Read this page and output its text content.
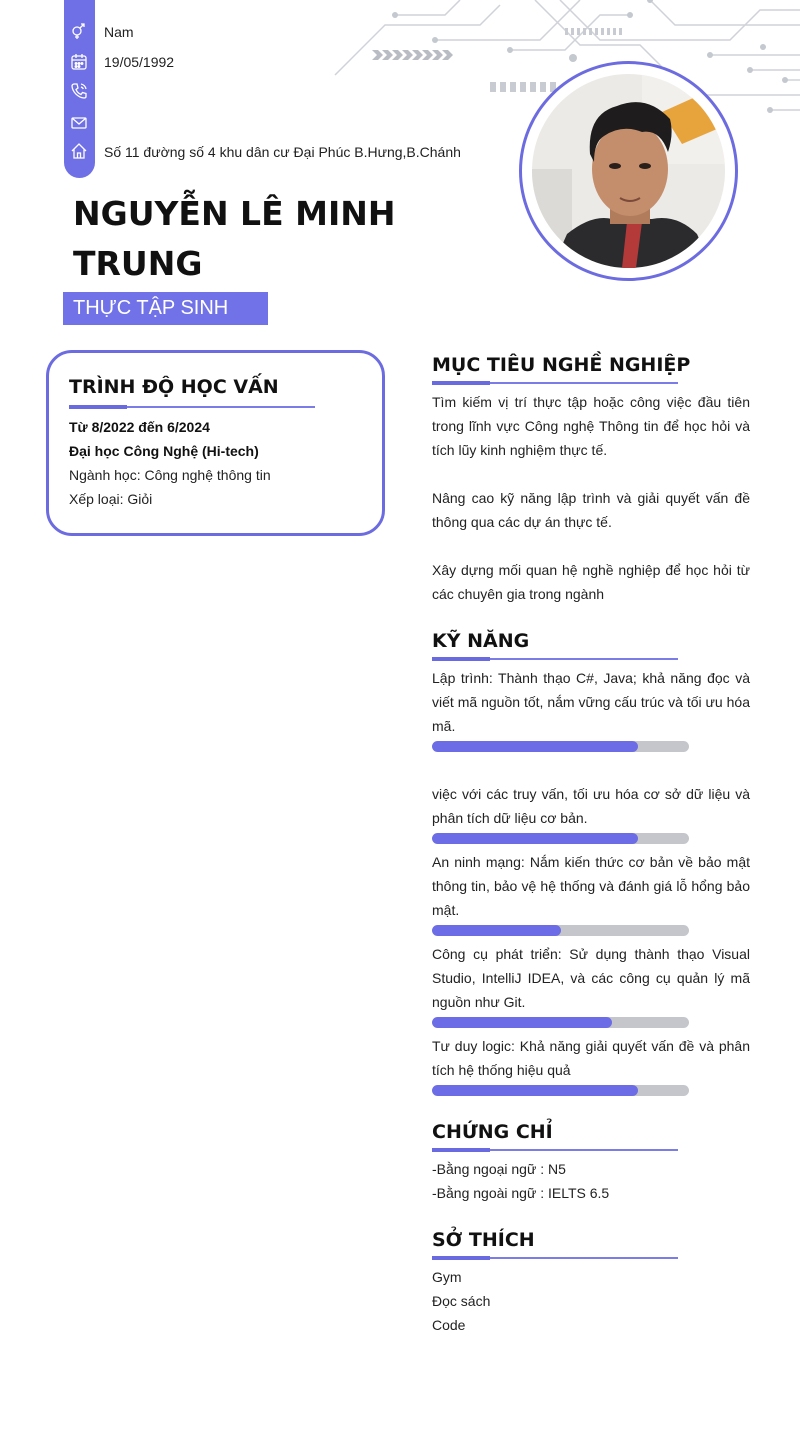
Nam
19/05/1992
Số 11 đường số 4 khu dân cư Đại Phúc B.Hưng,B.Chánh
NGUYỄN LÊ MINH
TRUNG
THỰC TẬP SINH
TRÌNH ĐỘ HỌC VẤN
Từ 8/2022 đến 6/2024
Đại học Công Nghệ (Hi-tech)
Ngành học: Công nghệ thông tin
Xếp loại: Giỏi
MỤC TIÊU NGHỀ NGHIỆP
Tìm kiếm vị trí thực tập hoặc công việc đầu tiên trong lĩnh vực Công nghệ Thông tin để học hỏi và tích lũy kinh nghiệm thực tế.
Nâng cao kỹ năng lập trình và giải quyết vấn đề thông qua các dự án thực tế.
Xây dựng mối quan hệ nghề nghiệp để học hỏi từ các chuyên gia trong ngành
KỸ NĂNG
Lập trình: Thành thạo C#, Java; khả năng đọc và viết mã nguồn tốt, nắm vững cấu trúc và tối ưu hóa mã.
việc với các truy vấn, tối ưu hóa cơ sở dữ liệu và phân tích dữ liệu cơ bản.
An ninh mạng: Nắm kiến thức cơ bản về bảo mật thông tin, bảo vệ hệ thống và đánh giá lỗ hổng bảo mật.
Công cụ phát triển: Sử dụng thành thạo Visual Studio, IntelliJ IDEA, và các công cụ quản lý mã nguồn như Git.
Tư duy logic: Khả năng giải quyết vấn đề và phân tích hệ thống hiệu quả
CHỨNG CHỈ
-Bằng ngoại ngữ : N5
-Bằng ngoài ngữ : IELTS 6.5
SỞ THÍCH
Gym
Đọc sách
Code
